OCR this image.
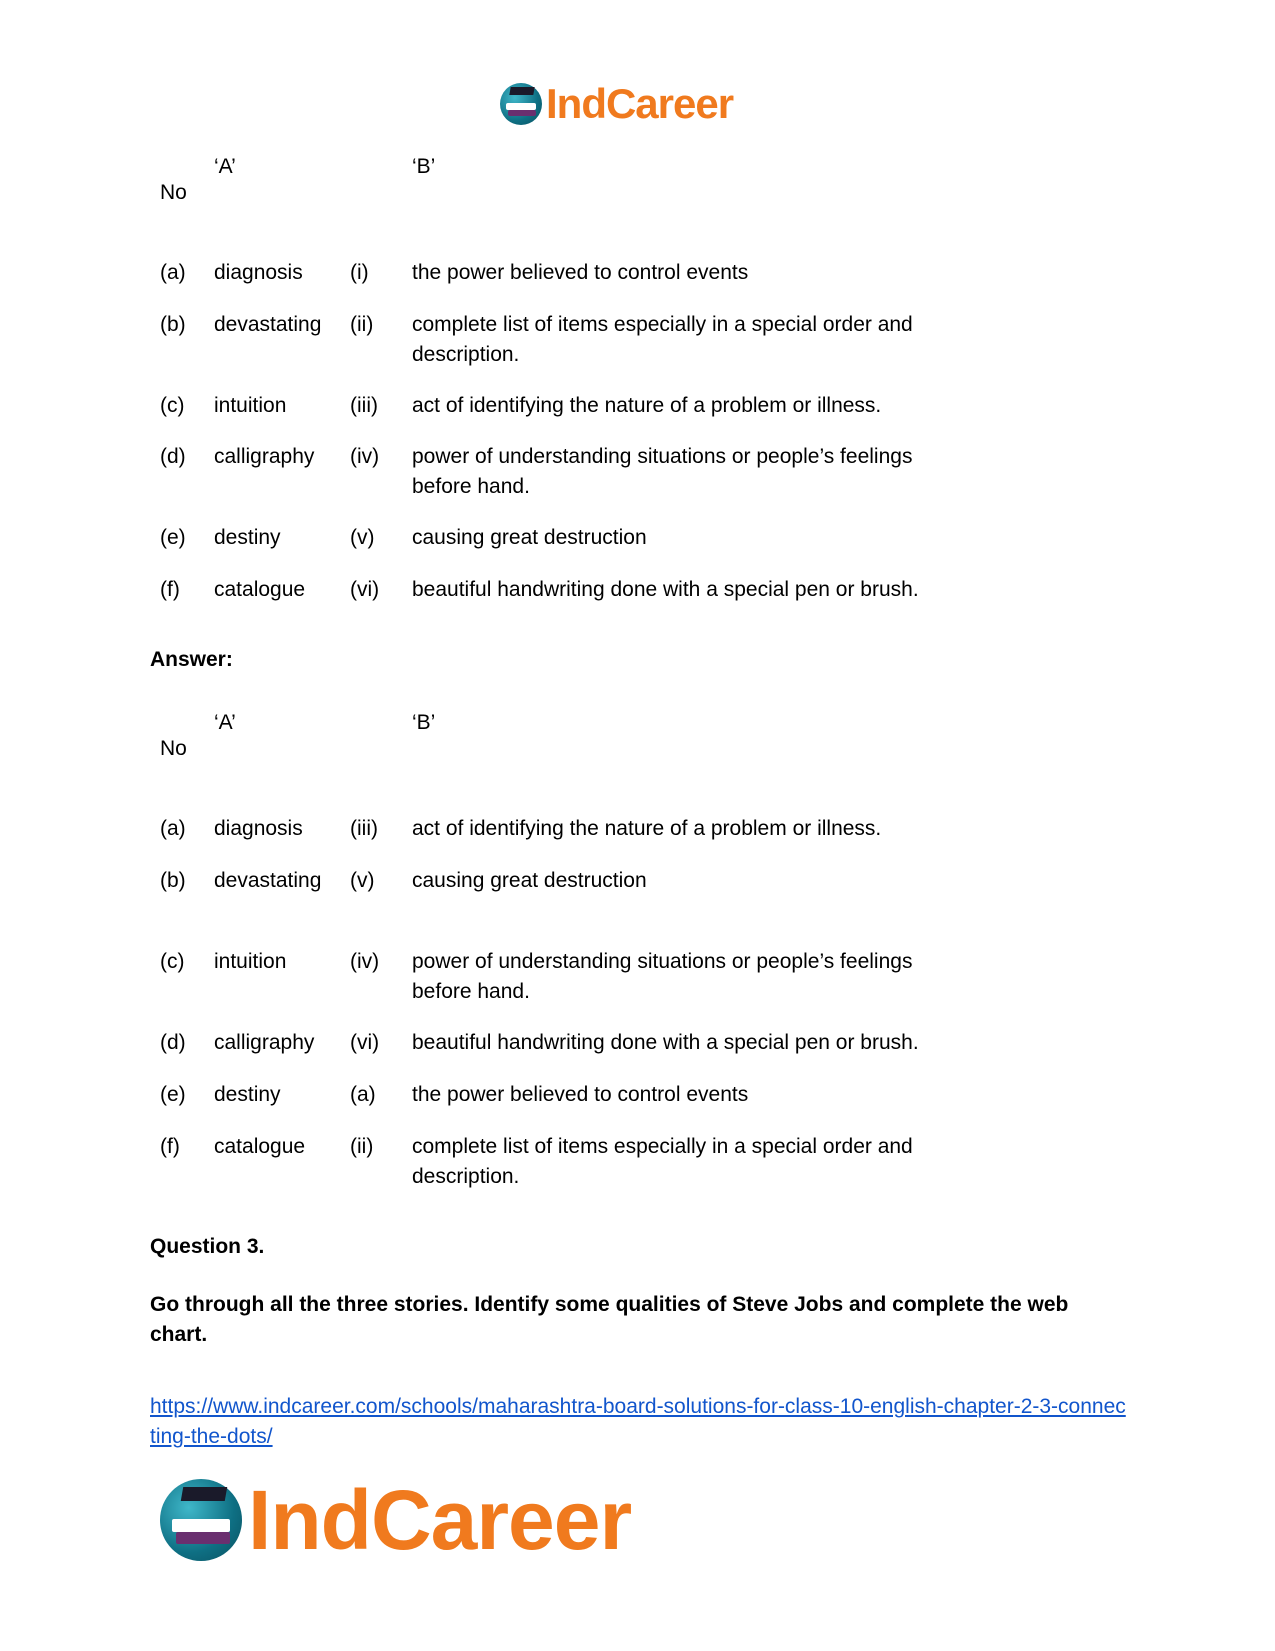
IndCareer
‘A’	‘B’
No
(a) diagnosis	(i) the power believed to control events
(b) devastating	(ii) complete list of items especially in a special order and description.
(c) intuition	(iii) act of identifying the nature of a problem or illness.
(d) calligraphy	(iv) power of understanding situations or people’s feelings before hand.
(e) destiny	(v) causing great destruction
(f) catalogue	(vi) beautiful handwriting done with a special pen or brush.
Answer:
‘A’	‘B’
No
(a) diagnosis	(iii) act of identifying the nature of a problem or illness.
(b) devastating	(v) causing great destruction
(c) intuition	(iv) power of understanding situations or people’s feelings before hand.
(d) calligraphy	(vi) beautiful handwriting done with a special pen or brush.
(e) destiny	(a) the power believed to control events
(f) catalogue	(ii) complete list of items especially in a special order and description.
Question 3.
Go through all the three stories. Identify some qualities of Steve Jobs and complete the web chart.
https://www.indcareer.com/schools/maharashtra-board-solutions-for-class-10-english-chapter-2-3-connecting-the-dots/
IndCareer
